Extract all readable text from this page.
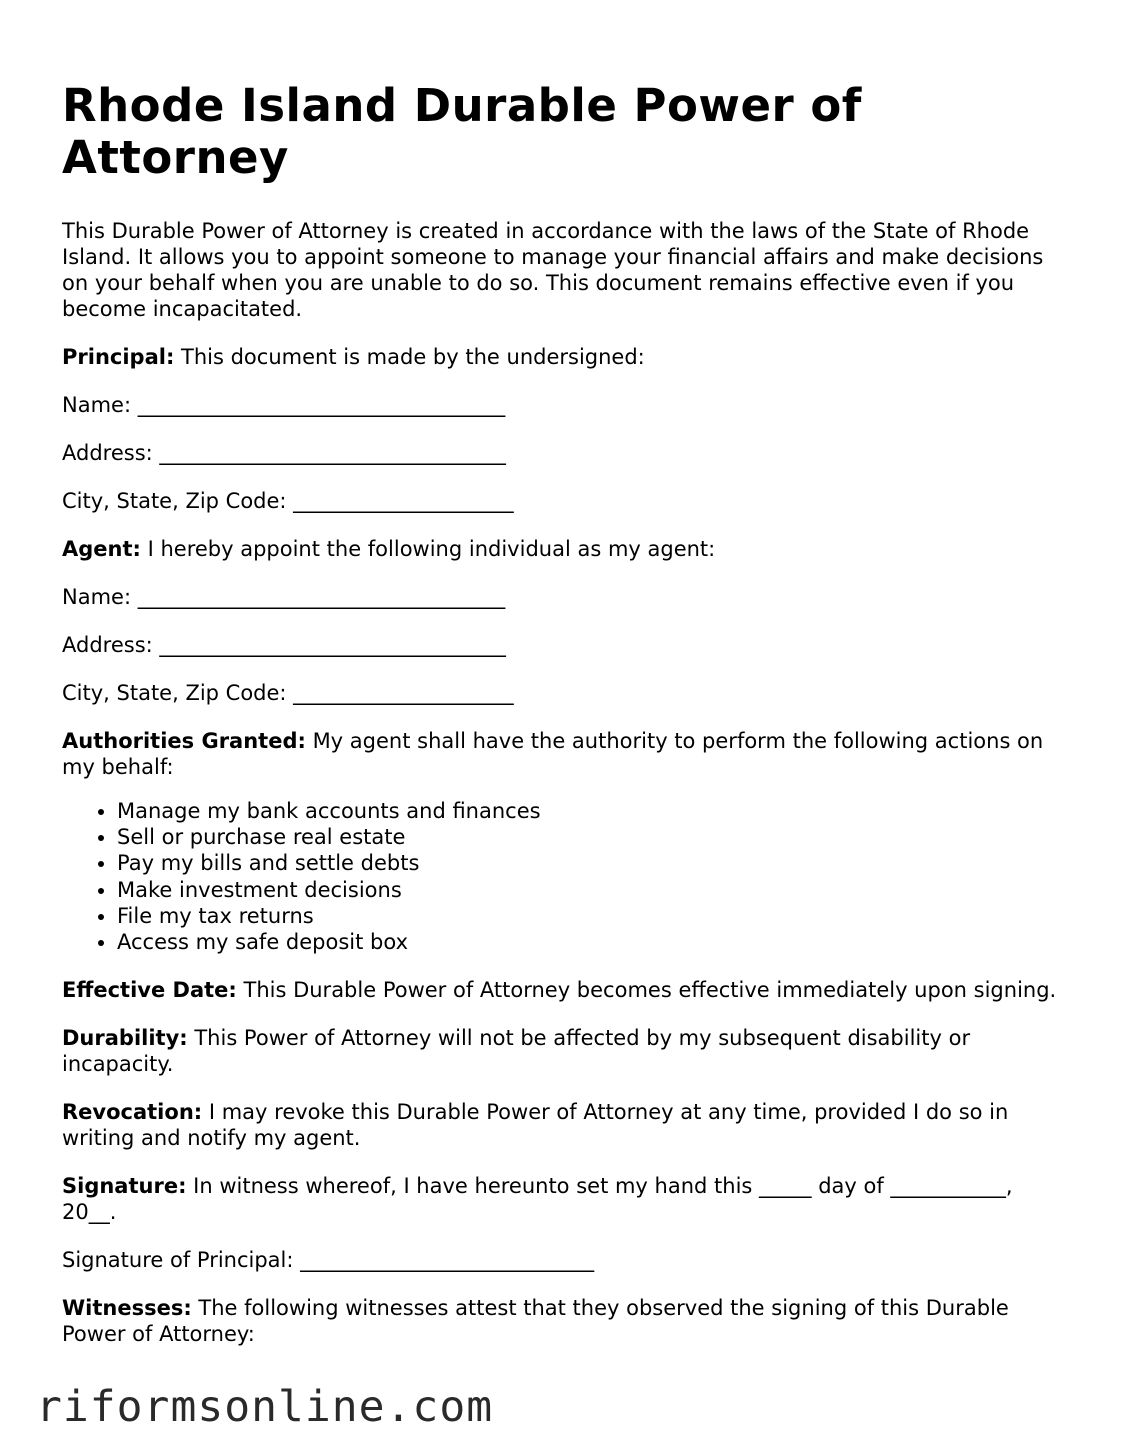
Rhode Island Durable Power of Attorney

This Durable Power of Attorney is created in accordance with the laws of the State of Rhode Island. It allows you to appoint someone to manage your financial affairs and make decisions on your behalf when you are unable to do so. This document remains effective even if you become incapacitated.

Principal: This document is made by the undersigned:

Name: ___________________________________

Address: _________________________________

City, State, Zip Code: _____________________

Agent: I hereby appoint the following individual as my agent:

Name: ___________________________________

Address: _________________________________

City, State, Zip Code: _____________________

Authorities Granted: My agent shall have the authority to perform the following actions on my behalf:

• Manage my bank accounts and finances
• Sell or purchase real estate
• Pay my bills and settle debts
• Make investment decisions
• File my tax returns
• Access my safe deposit box

Effective Date: This Durable Power of Attorney becomes effective immediately upon signing.

Durability: This Power of Attorney will not be affected by my subsequent disability or incapacity.

Revocation: I may revoke this Durable Power of Attorney at any time, provided I do so in writing and notify my agent.

Signature: In witness whereof, I have hereunto set my hand this _____ day of ___________, 20__.

Signature of Principal: ____________________________

Witnesses: The following witnesses attest that they observed the signing of this Durable Power of Attorney:

riformsonline.com
